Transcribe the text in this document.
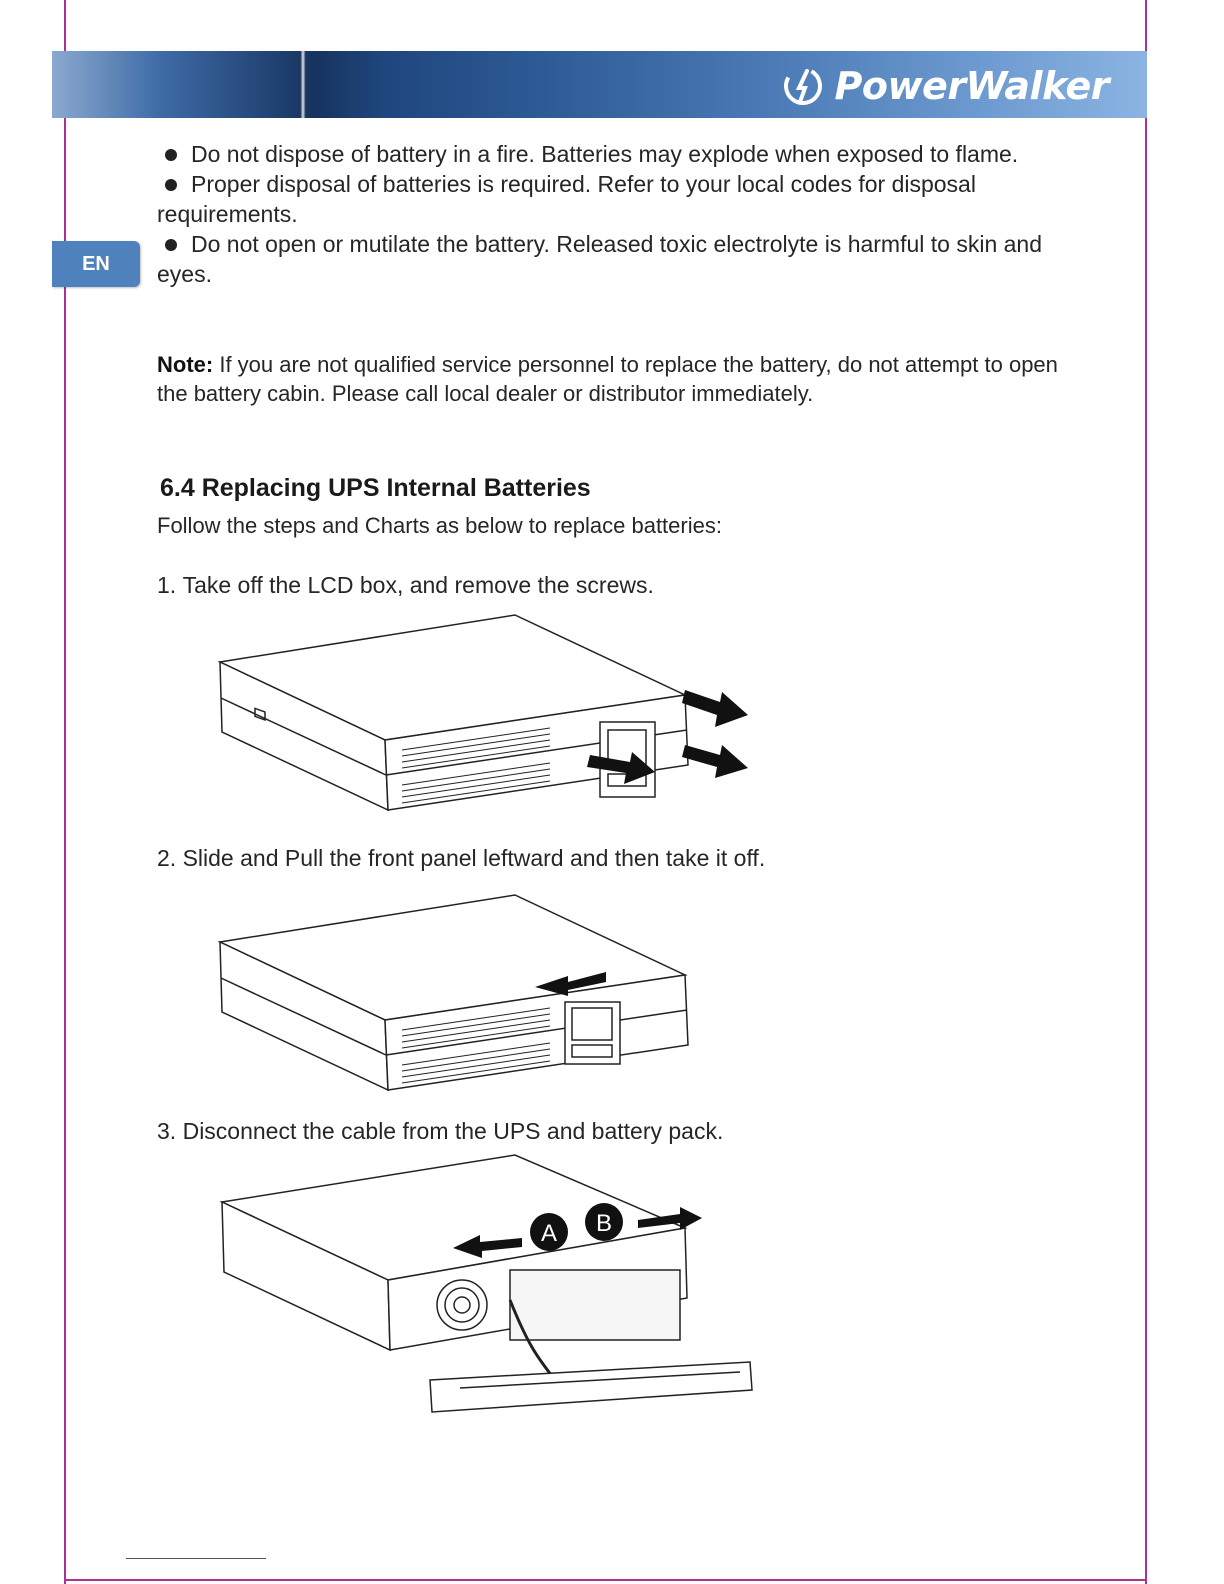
PowerWalker
EN

Do not dispose of battery in a fire. Batteries may explode when exposed to flame.

Proper disposal of batteries is required. Refer to your local codes for disposal requirements.

Do not open or mutilate the battery. Released toxic electrolyte is harmful to skin and eyes.

Note: If you are not qualified service personnel to replace the battery, do not attempt to open the battery cabin. Please call local dealer or distributor immediately.
6.4 Replacing UPS Internal Batteries
Follow the steps and Charts as below to replace batteries:
1. Take off the LCD box, and remove the screws.
2. Slide and Pull the front panel leftward and then take it off.
3. Disconnect the cable from the UPS and battery pack.
A B
